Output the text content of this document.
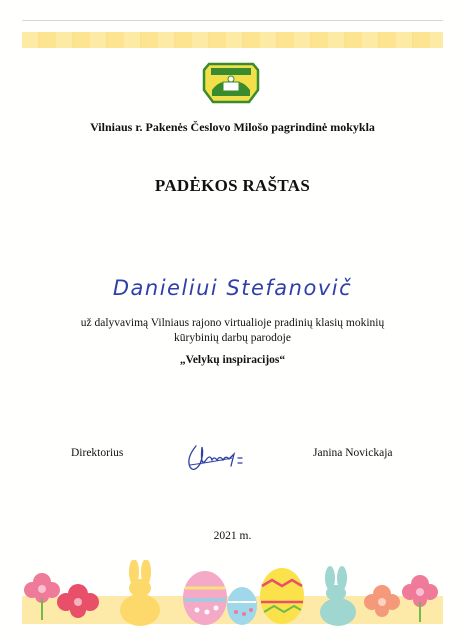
Vilniaus r. Pakenės Česlovo Milošo pagrindinė mokykla
PADĖKOS RAŠTAS
Danieliui Stefanovič
už dalyvavimą Vilniaus rajono virtualioje pradinių klasių mokinių
kūrybinių darbų parodoje
„Velykų inspiracijos“
Direktorius	Janina Novickaja
2021 m.
